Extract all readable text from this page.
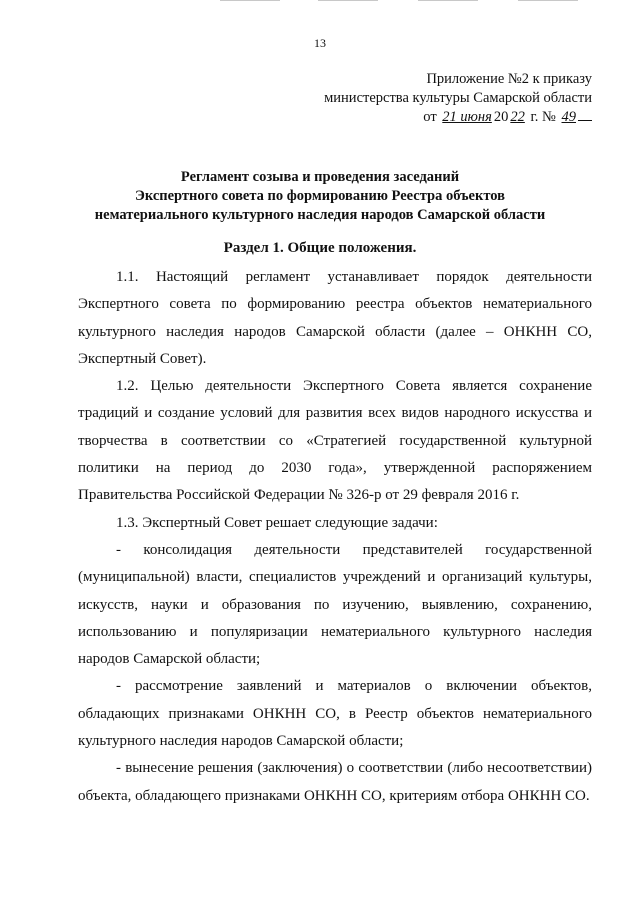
13
Приложение №2 к приказу
министерства культуры Самарской области
от 21 июня 20 22 г. № 49
Регламент созыва и проведения заседаний
Экспертного совета по формированию Реестра объектов
нематериального культурного наследия народов Самарской области
Раздел 1. Общие положения.

1.1. Настоящий регламент устанавливает порядок деятельности Экспертного совета по формированию реестра объектов нематериального культурного наследия народов Самарской области (далее – ОНКНН СО, Экспертный Совет).

1.2. Целью деятельности Экспертного Совета является сохранение традиций и создание условий для развития всех видов народного искусства и творчества в соответствии со «Стратегией государственной культурной политики на период до 2030 года», утвержденной распоряжением Правительства Российской Федерации № 326-р от 29 февраля 2016 г.

1.3. Экспертный Совет решает следующие задачи:

- консолидация деятельности представителей государственной (муниципальной) власти, специалистов учреждений и организаций культуры, искусств, науки и образования по изучению, выявлению, сохранению, использованию и популяризации нематериального культурного наследия народов Самарской области;

- рассмотрение заявлений и материалов о включении объектов, обладающих признаками ОНКНН СО, в Реестр объектов нематериального культурного наследия народов Самарской области;

- вынесение решения (заключения) о соответствии (либо несоответствии) объекта, обладающего признаками ОНКНН СО, критериям отбора ОНКНН СО.
